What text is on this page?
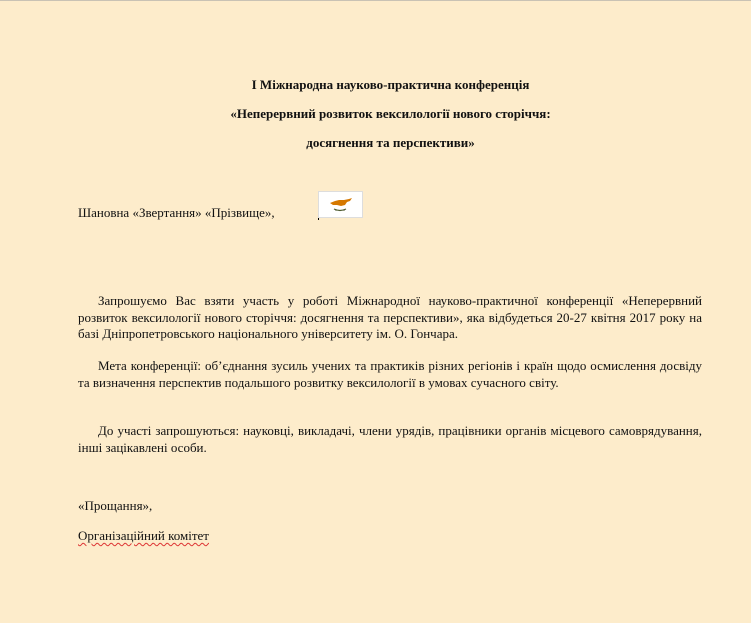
І Міжнародна науково-практична конференція
«Неперервний розвиток вексилології нового сторіччя:
досягнення та перспективи»
Шановна «Звертання» «Прізвище»,
Запрошуємо Вас взяти участь у роботі Міжнародної науково-практичної конференції «Неперервний розвиток вексилології нового сторіччя: досягнення та перспективи», яка відбудеться 20-27 квітня 2017 року на базі Дніпропетровського національного університету ім. О. Гончара.
Мета конференції: об’єднання зусиль учених та практиків різних регіонів і країн щодо осмислення досвіду та визначення перспектив подальшого розвитку вексилології в умовах сучасного світу.
До участі запрошуються: науковці, викладачі, члени урядів, працівники органів місцевого самоврядування, інші зацікавлені особи.
«Прощання»,
Організаційний комітет
